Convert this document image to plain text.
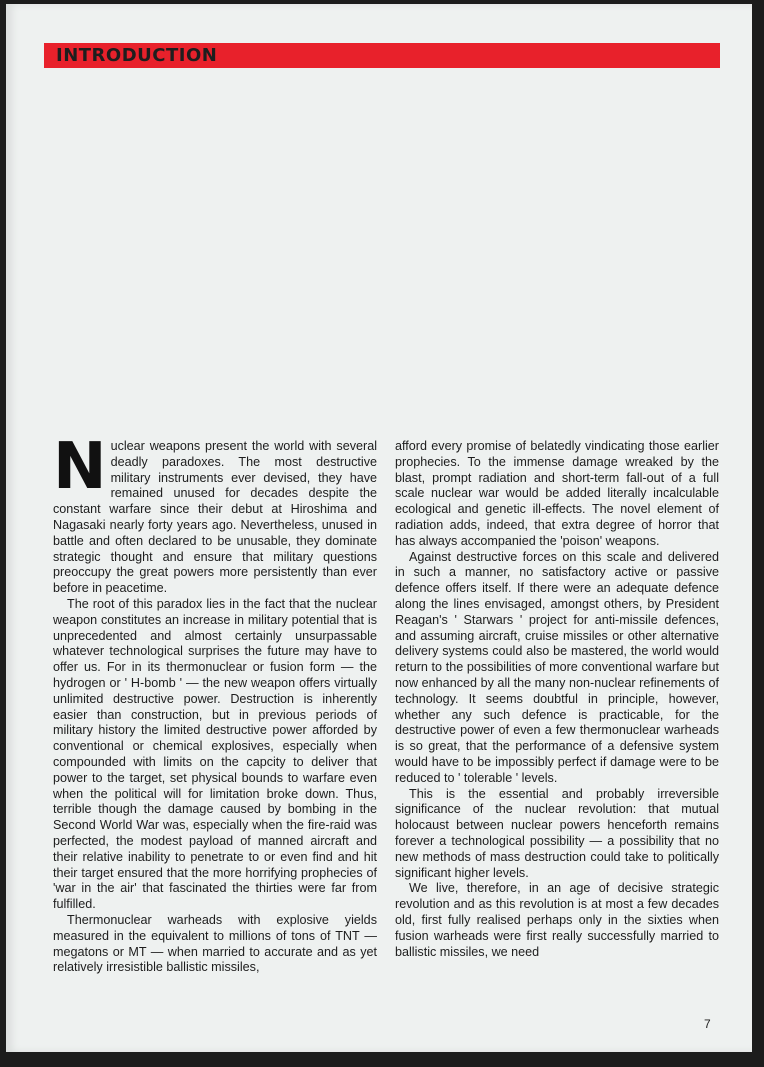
INTRODUCTION

Nuclear weapons present the world with several deadly paradoxes. The most destructive military instruments ever devised, they have remained unused for decades despite the constant warfare since their debut at Hiroshima and Nagasaki nearly forty years ago. Nevertheless, unused in battle and often declared to be unusable, they dominate strategic thought and ensure that military questions preoccupy the great powers more persistently than ever before in peacetime.

The root of this paradox lies in the fact that the nuclear weapon constitutes an increase in military potential that is unprecedented and almost certainly unsurpassable whatever technological surprises the future may have to offer us. For in its thermonuclear or fusion form — the hydrogen or ' H-bomb ' — the new weapon offers virtually unlimited destructive power. Destruction is inherently easier than construction, but in previous periods of military history the limited destructive power afforded by conventional or chemical explosives, especially when compounded with limits on the capcity to deliver that power to the target, set physical bounds to warfare even when the political will for limitation broke down. Thus, terrible though the damage caused by bombing in the Second World War was, especially when the fire-raid was perfected, the modest payload of manned aircraft and their relative inability to penetrate to or even find and hit their target ensured that the more horrifying prophecies of 'war in the air' that fascinated the thirties were far from fulfilled.

Thermonuclear warheads with explosive yields measured in the equivalent to millions of tons of TNT — megatons or MT — when married to accurate and as yet relatively irresistible ballistic missiles,

afford every promise of belatedly vindicating those earlier prophecies. To the immense damage wreaked by the blast, prompt radiation and short-term fall-out of a full scale nuclear war would be added literally incalculable ecological and genetic ill-effects. The novel element of radiation adds, indeed, that extra degree of horror that has always accompanied the 'poison' weapons.

Against destructive forces on this scale and delivered in such a manner, no satisfactory active or passive defence offers itself. If there were an adequate defence along the lines envisaged, amongst others, by President Reagan's ' Starwars ' project for anti-missile defences, and assuming aircraft, cruise missiles or other alternative delivery systems could also be mastered, the world would return to the possibilities of more conventional warfare but now enhanced by all the many non-nuclear refinements of technology. It seems doubtful in principle, however, whether any such defence is practicable, for the destructive power of even a few thermonuclear warheads is so great, that the performance of a defensive system would have to be impossibly perfect if damage were to be reduced to ' tolerable ' levels.

This is the essential and probably irreversible significance of the nuclear revolution: that mutual holocaust between nuclear powers henceforth remains forever a technological possibility — a possibility that no new methods of mass destruction could take to politically significant higher levels.

We live, therefore, in an age of decisive strategic revolution and as this revolution is at most a few decades old, first fully realised perhaps only in the sixties when fusion warheads were first really successfully married to ballistic missiles, we need

7
